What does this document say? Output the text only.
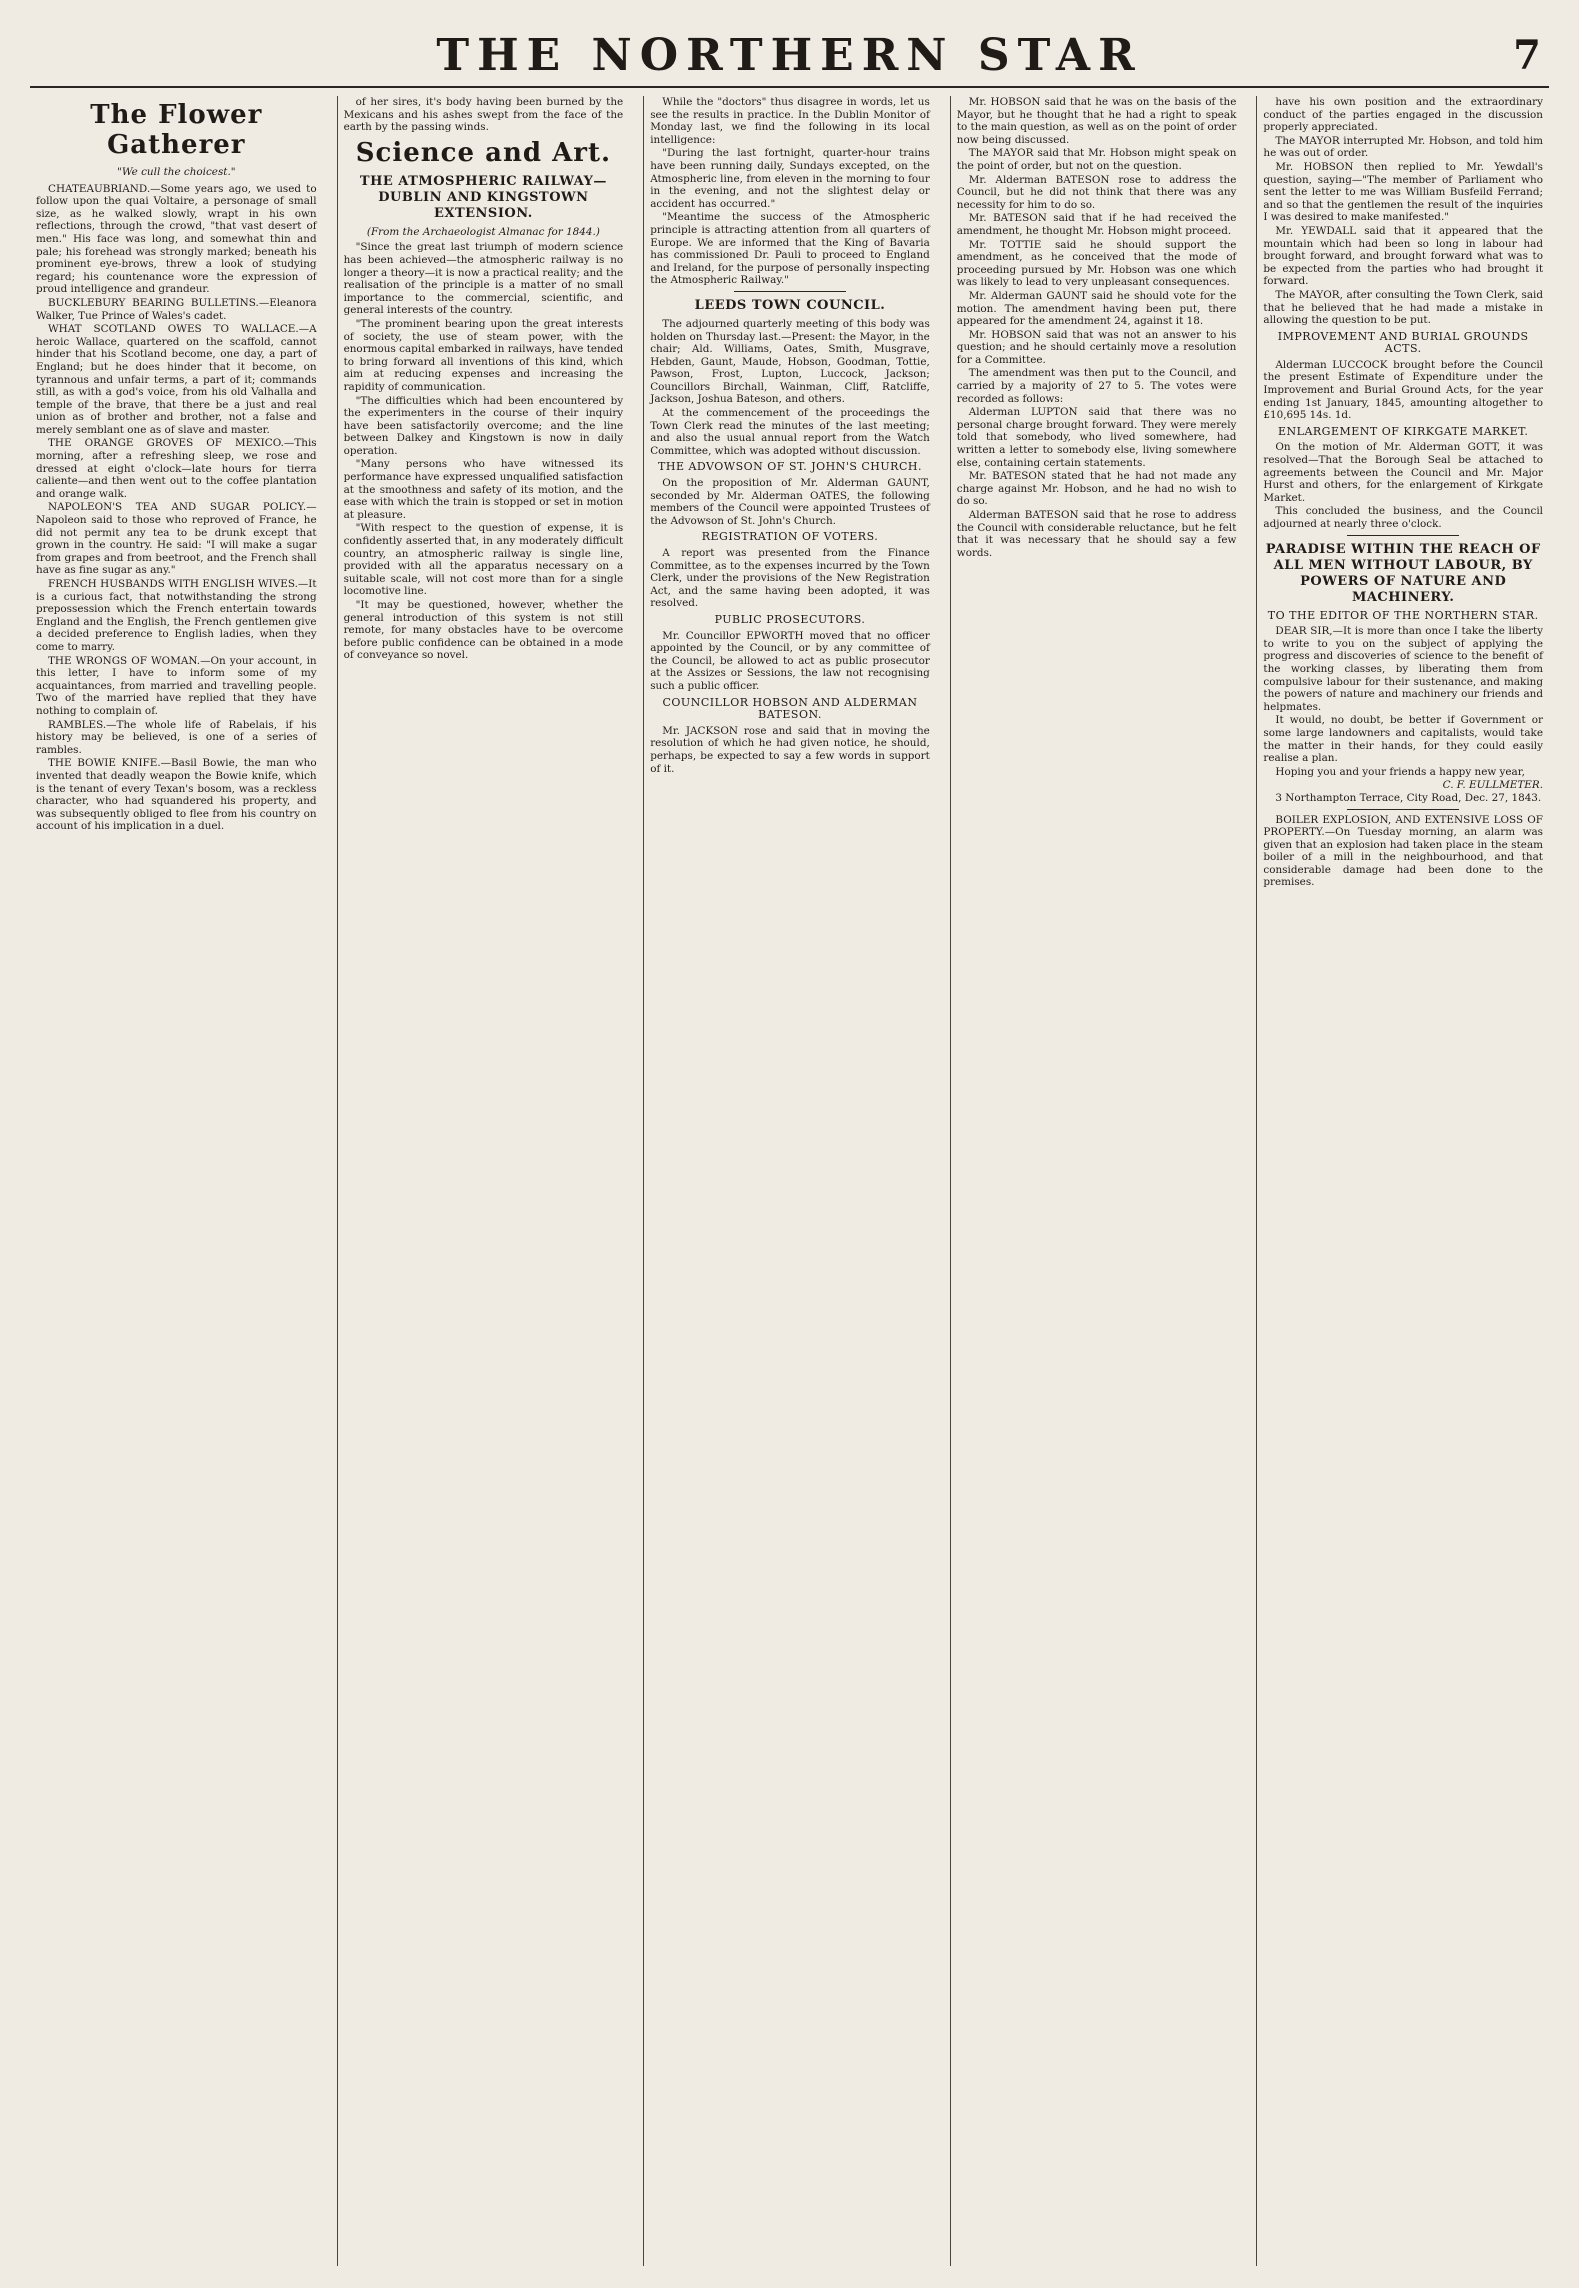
THE NORTHERN STAR	7
The Flower Gatherer
"We cull the choicest."

CHATEAUBRIAND.—Some years ago, we used to follow upon the quai Voltaire, a personage of small size, as he walked slowly, wrapt in his own reflections, through the crowd, "that vast desert of men." His face was long, and somewhat thin and pale; his forehead was strongly marked; beneath his prominent eye-brows, threw a look of studying regard; his countenance wore the expression of proud intelligence and grandeur.

BUCKLEBURY BEARING BULLETINS.—Eleanora Walker, Tue Prince of Wales's cadet.

WHAT SCOTLAND OWES TO WALLACE.—A heroic Wallace, quartered on the scaffold, cannot hinder that his Scotland become, one day, a part of England; but he does hinder that it become, on tyrannous and unfair terms, a part of it; commands still, as with a god's voice, from his old Valhalla and temple of the brave, that there be a just and real union as of brother and brother, not a false and merely semblant one as of slave and master.

THE ORANGE GROVES OF MEXICO.—This morning, after a refreshing sleep, we rose and dressed at eight o'clock—late hours for tierra caliente—and then went out to the coffee plantation and orange walk.

NAPOLEON'S TEA AND SUGAR POLICY.—Napoleon said to those who reproved of France, he did not permit any tea to be drunk except that grown in the country. He said: "I will make a sugar from grapes and from beetroot, and the French shall have as fine sugar as any."

FRENCH HUSBANDS WITH ENGLISH WIVES.—It is a curious fact, that notwithstanding the strong prepossession which the French entertain towards England and the English, the French gentlemen give a decided preference to English ladies, when they come to marry.

THE WRONGS OF WOMAN.—On your account, in this letter, I have to inform some of my acquaintances, from married and travelling people. Two of the married have replied that they have nothing to complain of.

RAMBLES.—The whole life of Rabelais, if his history may be believed, is one of a series of rambles.

THE BOWIE KNIFE.—Basil Bowie, the man who invented that deadly weapon the Bowie knife, which is the tenant of every Texan's bosom, was a reckless character, who had squandered his property, and was subsequently obliged to flee from his country on account of his implication in a duel.

of her sires, it's body having been burned by the Mexicans and his ashes swept from the face of the earth by the passing winds.

Science and Art.
THE ATMOSPHERIC RAILWAY—DUBLIN AND KINGSTOWN EXTENSION.
(From the Archaeologist Almanac for 1844.)

"Since the great last triumph of modern science has been achieved—the atmospheric railway is no longer a theory—it is now a practical reality; and the realisation of the principle is a matter of no small importance to the commercial, scientific, and general interests of the country.

"The prominent bearing upon the great interests of society, the use of steam power, with the enormous capital embarked in railways, have tended to bring forward all inventions of this kind, which aim at reducing expenses and increasing the rapidity of communication.

"The difficulties which had been encountered by the experimenters in the course of their inquiry have been satisfactorily overcome; and the line between Dalkey and Kingstown is now in daily operation.

"Many persons who have witnessed its performance have expressed unqualified satisfaction at the smoothness and safety of its motion, and the ease with which the train is stopped or set in motion at pleasure.

"With respect to the question of expense, it is confidently asserted that, in any moderately difficult country, an atmospheric railway is single line, provided with all the apparatus necessary on a suitable scale, will not cost more than for a single locomotive line.

"It may be questioned, however, whether the general introduction of this system is not still remote, for many obstacles have to be overcome before public confidence can be obtained in a mode of conveyance so novel.

While the "doctors" thus disagree in words, let us see the results in practice. In the Dublin Monitor of Monday last, we find the following in its local intelligence:

"During the last fortnight, quarter-hour trains have been running daily, Sundays excepted, on the Atmospheric line, from eleven in the morning to four in the evening, and not the slightest delay or accident has occurred."

"Meantime the success of the Atmospheric principle is attracting attention from all quarters of Europe. We are informed that the King of Bavaria has commissioned Dr. Pauli to proceed to England and Ireland, for the purpose of personally inspecting the Atmospheric Railway."

LEEDS TOWN COUNCIL.

The adjourned quarterly meeting of this body was holden on Thursday last.—Present: the Mayor, in the chair; Ald. Williams, Oates, Smith, Musgrave, Hebden, Gaunt, Maude, Hobson, Goodman, Tottie, Pawson, Frost, Lupton, Luccock, Jackson; Councillors Birchall, Wainman, Cliff, Ratcliffe, Jackson, Joshua Bateson, and others.

At the commencement of the proceedings the Town Clerk read the minutes of the last meeting; and also the usual annual report from the Watch Committee, which was adopted without discussion.

THE ADVOWSON OF ST. JOHN'S CHURCH.

On the proposition of Mr. Alderman GAUNT, seconded by Mr. Alderman OATES, the following members of the Council were appointed Trustees of the Advowson of St. John's Church.

REGISTRATION OF VOTERS.

A report was presented from the Finance Committee, as to the expenses incurred by the Town Clerk, under the provisions of the New Registration Act, and the same having been adopted, it was resolved.

PUBLIC PROSECUTORS.

Mr. Councillor EPWORTH moved that no officer appointed by the Council, or by any committee of the Council, be allowed to act as public prosecutor at the Assizes or Sessions, the law not recognising such a public officer.

COUNCILLOR HOBSON AND ALDERMAN BATESON.

Mr. JACKSON rose and said that in moving the resolution of which he had given notice, he should, perhaps, be expected to say a few words in support of it.

Mr. HOBSON said that he was on the basis of the Mayor, but he thought that he had a right to speak to the main question, as well as on the point of order now being discussed.

The MAYOR said that Mr. Hobson might speak on the point of order, but not on the question.

Mr. Alderman BATESON rose to address the Council, but he did not think that there was any necessity for him to do so.

Mr. BATESON said that if he had received the amendment, he thought Mr. Hobson might proceed.

Mr. TOTTIE said he should support the amendment, as he conceived that the mode of proceeding pursued by Mr. Hobson was one which was likely to lead to very unpleasant consequences.

Mr. Alderman GAUNT said he should vote for the motion. The amendment having been put, there appeared for the amendment 24, against it 18.

Mr. HOBSON said that was not an answer to his question; and he should certainly move a resolution for a Committee.

The amendment was then put to the Council, and carried by a majority of 27 to 5. The votes were recorded as follows:

Alderman LUPTON said that there was no personal charge brought forward. They were merely told that somebody, who lived somewhere, had written a letter to somebody else, living somewhere else, containing certain statements.

Mr. BATESON stated that he had not made any charge against Mr. Hobson, and he had no wish to do so.

Alderman BATESON said that he rose to address the Council with considerable reluctance, but he felt that it was necessary that he should say a few words.

have his own position and the extraordinary conduct of the parties engaged in the discussion properly appreciated.

The MAYOR interrupted Mr. Hobson, and told him he was out of order.

Mr. HOBSON then replied to Mr. Yewdall's question, saying—"The member of Parliament who sent the letter to me was William Busfeild Ferrand; and so that the gentlemen the result of the inquiries I was desired to make manifested."

Mr. YEWDALL said that it appeared that the mountain which had been so long in labour had brought forward, and brought forward what was to be expected from the parties who had brought it forward.

The MAYOR, after consulting the Town Clerk, said that he believed that he had made a mistake in allowing the question to be put.

IMPROVEMENT AND BURIAL GROUNDS ACTS.

Alderman LUCCOCK brought before the Council the present Estimate of Expenditure under the Improvement and Burial Ground Acts, for the year ending 1st January, 1845, amounting altogether to £10,695 14s. 1d.

ENLARGEMENT OF KIRKGATE MARKET.

On the motion of Mr. Alderman GOTT, it was resolved—That the Borough Seal be attached to agreements between the Council and Mr. Major Hurst and others, for the enlargement of Kirkgate Market.

This concluded the business, and the Council adjourned at nearly three o'clock.

PARADISE WITHIN THE REACH OF ALL MEN WITHOUT LABOUR, BY POWERS OF NATURE AND MACHINERY.
TO THE EDITOR OF THE NORTHERN STAR.

DEAR SIR,—It is more than once I take the liberty to write to you on the subject of applying the progress and discoveries of science to the benefit of the working classes, by liberating them from compulsive labour for their sustenance, and making the powers of nature and machinery our friends and helpmates.

It would, no doubt, be better if Government or some large landowners and capitalists, would take the matter in their hands, for they could easily realise a plan.

Hoping you and your friends a happy new year,

C. F. EULLMETER.

3 Northampton Terrace, City Road, Dec. 27, 1843.

BOILER EXPLOSION, AND EXTENSIVE LOSS OF PROPERTY.—On Tuesday morning, an alarm was given that an explosion had taken place in the steam boiler of a mill in the neighbourhood, and that considerable damage had been done to the premises.
